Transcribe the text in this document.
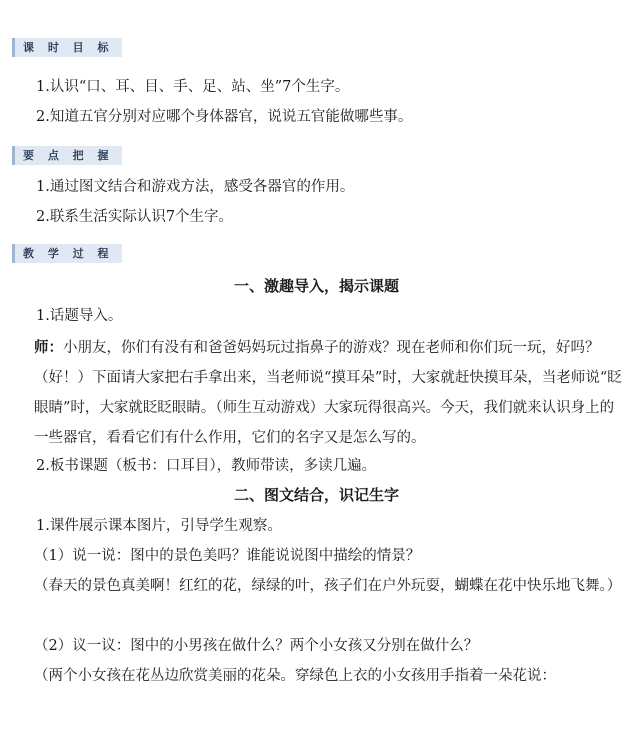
课 时 目 标
1.认识“口、耳、目、手、足、站、坐”7个生字。
2.知道五官分别对应哪个身体器官，说说五官能做哪些事。
要 点 把 握
1.通过图文结合和游戏方法，感受各器官的作用。
2.联系生活实际认识7个生字。
教 学 过 程
一、激趣导入，揭示课题
1.话题导入。
师：小朋友，你们有没有和爸爸妈妈玩过指鼻子的游戏？现在老师和你们玩一玩，好吗？（好！）下面请大家把右手拿出来，当老师说“摸耳朵”时，大家就赶快摸耳朵，当老师说“眨眼睛”时，大家就眨眨眼睛。（师生互动游戏）大家玩得很高兴。今天，我们就来认识身上的一些器官，看看它们有什么作用，它们的名字又是怎么写的。
2.板书课题（板书：口耳目），教师带读，多读几遍。
二、图文结合，识记生字
1.课件展示课本图片，引导学生观察。
（1）说一说：图中的景色美吗？谁能说说图中描绘的情景？
（春天的景色真美啊！红红的花，绿绿的叶，孩子们在户外玩耍，蝴蝶在花中快乐地飞舞。）
（2）议一议：图中的小男孩在做什么？两个小女孩又分别在做什么？
（两个小女孩在花丛边欣赏美丽的花朵。穿绿色上衣的小女孩用手指着一朵花说：
